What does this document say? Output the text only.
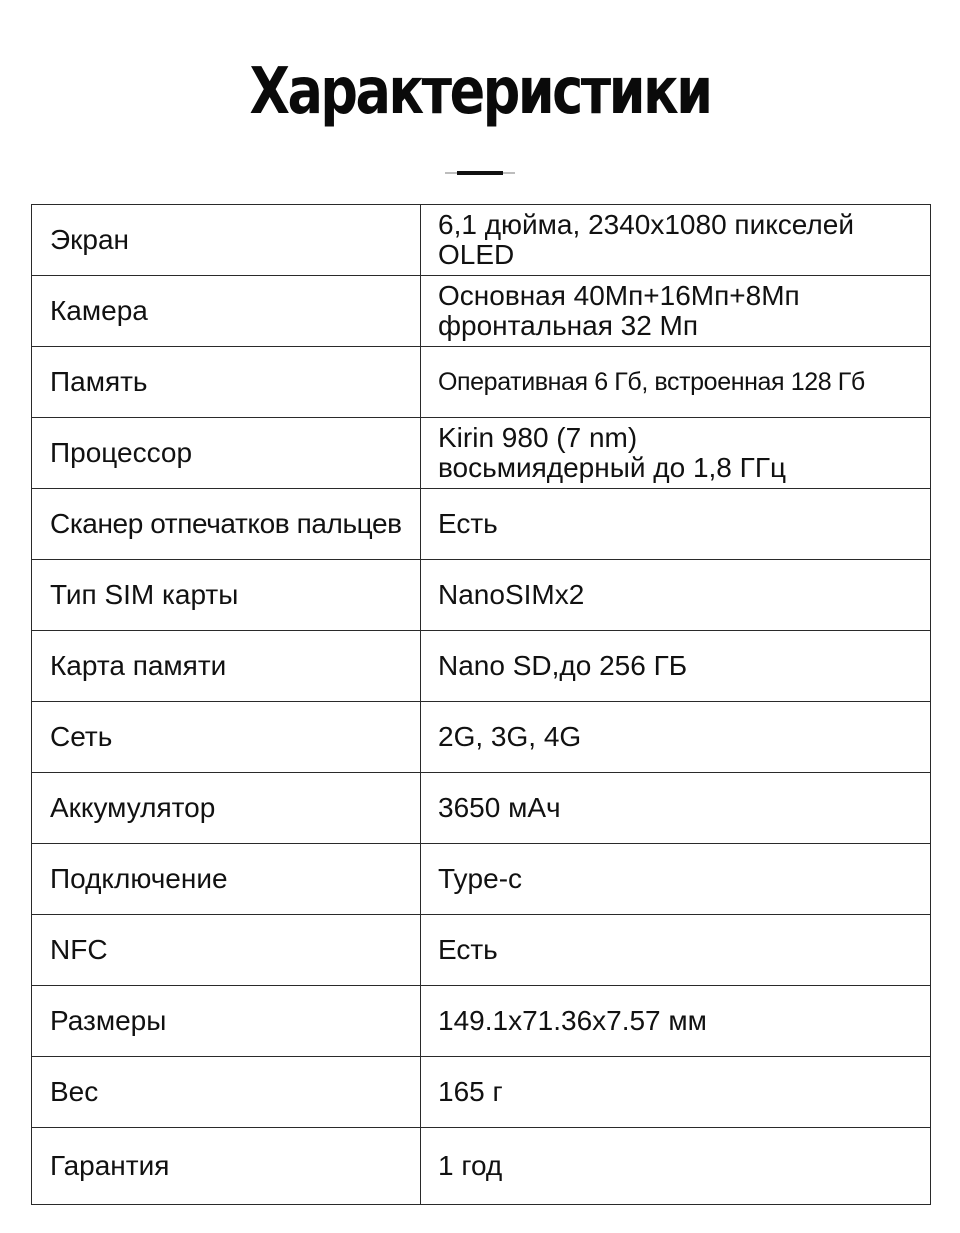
Характеристики
Экран	6,1 дюйма, 2340x1080 пикселей
OLED

Камера	Основная 40Мп+16Мп+8Мп
фронтальная 32 Мп

Память	Оперативная 6 Гб, встроенная 128 Гб

Процессор	Kirin 980 (7 nm)
восьмиядерный до 1,8 ГГц

Сканер отпечатков пальцев	Есть

Тип SIM карты	NanoSIMx2

Карта памяти	Nano SD,до 256 ГБ

Сеть	2G, 3G, 4G

Аккумулятор	3650 мАч

Подключение	Type-c

NFC	Есть

Размеры	149.1x71.36x7.57 мм

Вес	165 г

Гарантия	1 год
